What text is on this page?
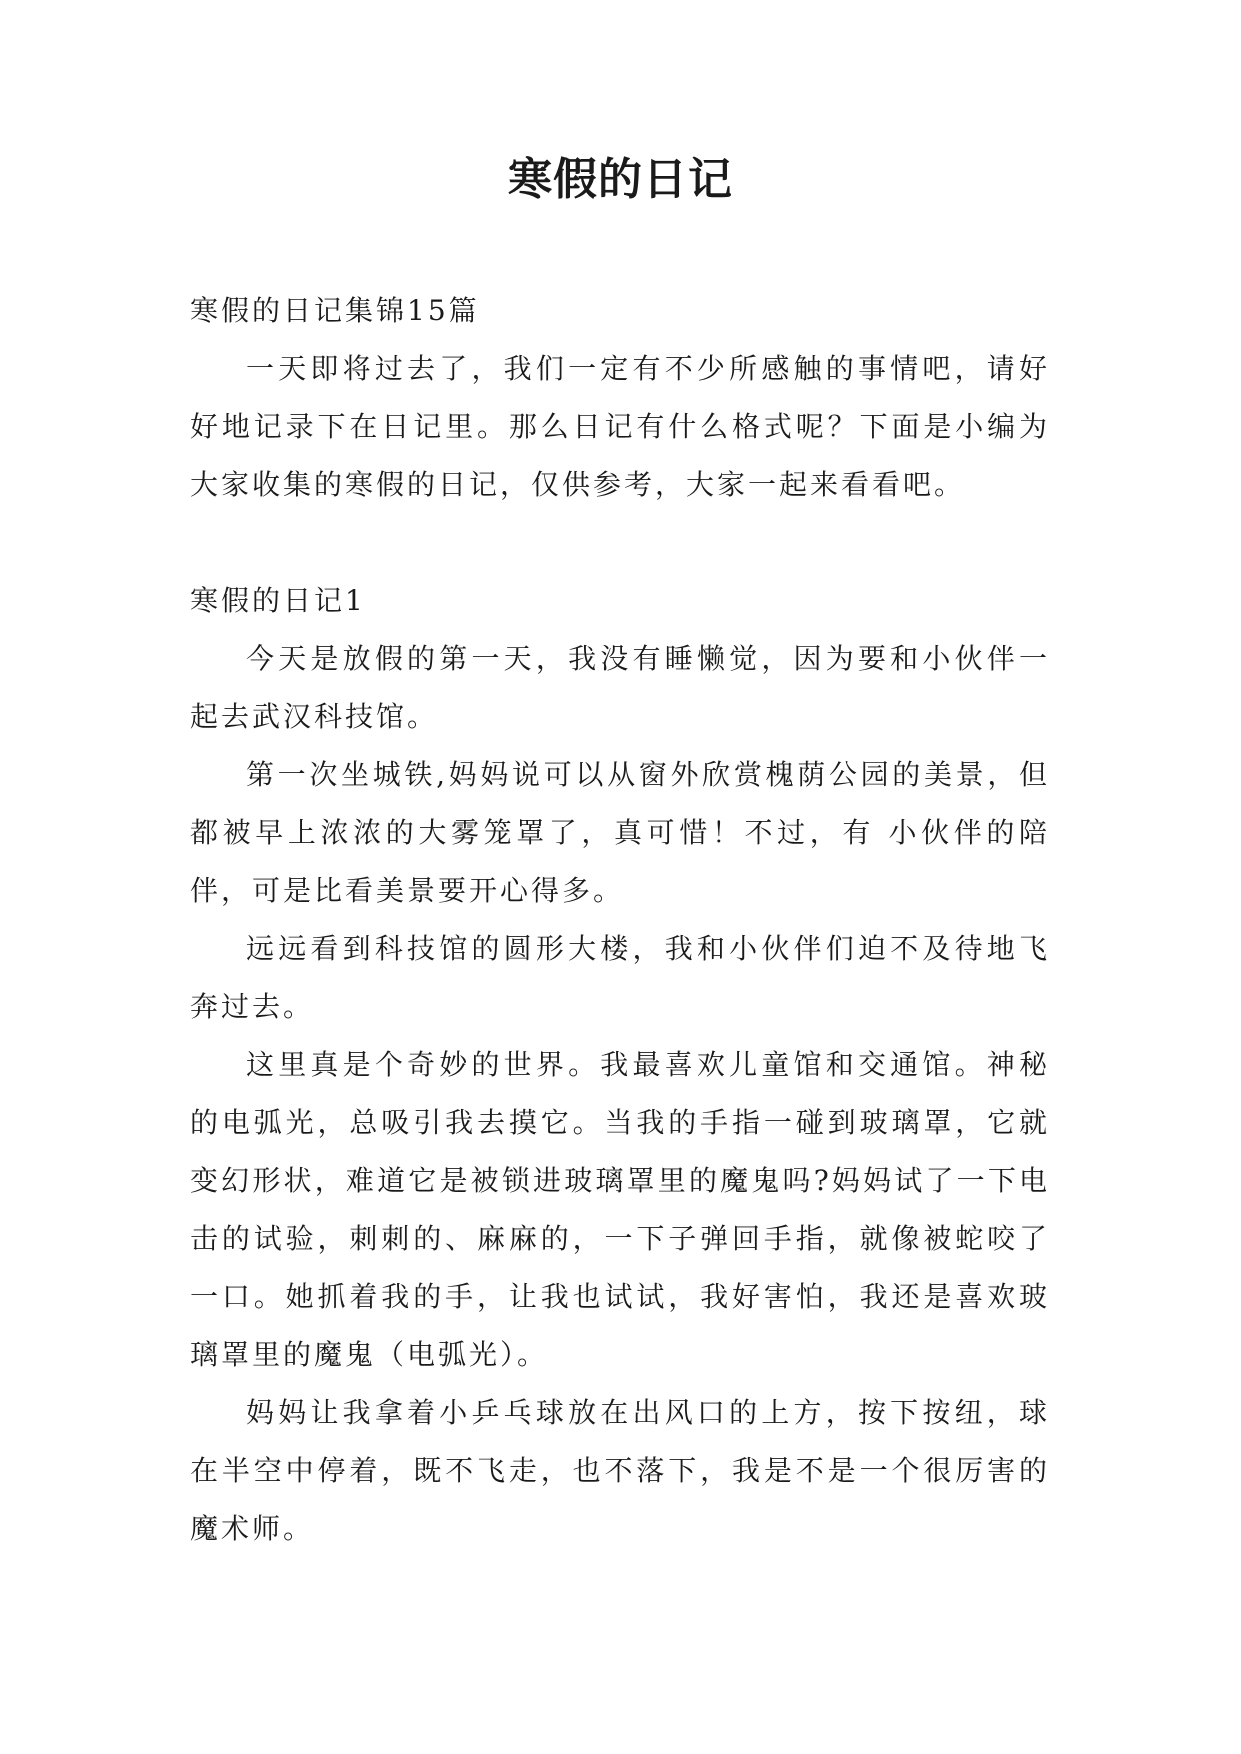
寒假的日记

寒假的日记集锦15篇

一天即将过去了，我们一定有不少所感触的事情吧，请好好地记录下在日记里。那么日记有什么格式呢？下面是小编为大家收集的寒假的日记，仅供参考，大家一起来看看吧。

寒假的日记1

今天是放假的第一天，我没有睡懒觉，因为要和小伙伴一起去武汉科技馆。

第一次坐城铁,妈妈说可以从窗外欣赏槐荫公园的美景，但都被早上浓浓的大雾笼罩了，真可惜！不过，有 小伙伴的陪伴，可是比看美景要开心得多。

远远看到科技馆的圆形大楼，我和小伙伴们迫不及待地飞奔过去。

这里真是个奇妙的世界。我最喜欢儿童馆和交通馆。神秘的电弧光，总吸引我去摸它。当我的手指一碰到玻璃罩，它就变幻形状，难道它是被锁进玻璃罩里的魔鬼吗?妈妈试了一下电击的试验，刺刺的、麻麻的，一下子弹回手指，就像被蛇咬了一口。她抓着我的手，让我也试试，我好害怕，我还是喜欢玻璃罩里的魔鬼（电弧光）。

妈妈让我拿着小乒乓球放在出风口的上方，按下按纽，球在半空中停着，既不飞走，也不落下，我是不是一个很厉害的魔术师。
